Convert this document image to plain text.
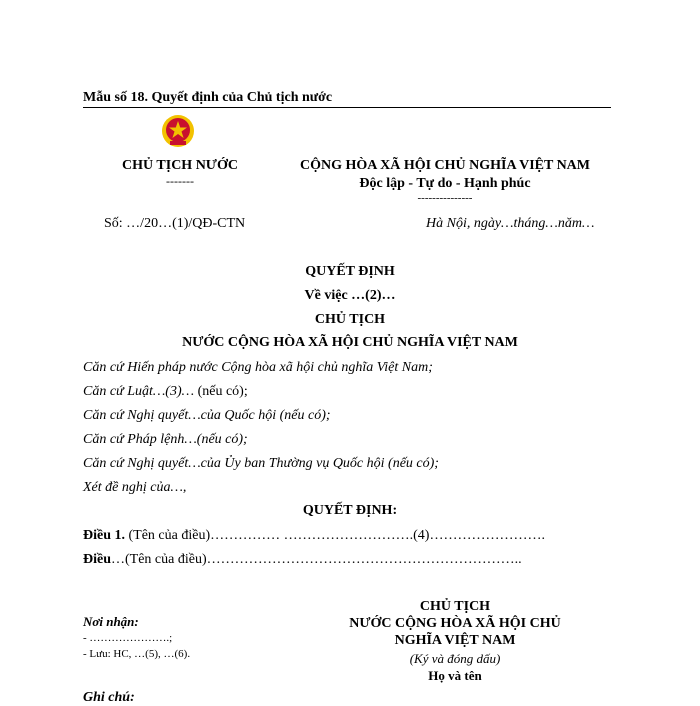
Mẫu số 18. Quyết định của Chủ tịch nước
CHỦ TỊCH NƯỚC
-------
CỘNG HÒA XÃ HỘI CHỦ NGHĨA VIỆT NAM
Độc lập - Tự do - Hạnh phúc
---------------
Số: …/20…(1)/QĐ-CTN	Hà Nội, ngày…tháng…năm…
QUYẾT ĐỊNH
Về việc …(2)…
CHỦ TỊCH
NƯỚC CỘNG HÒA XÃ HỘI CHỦ NGHĨA VIỆT NAM
Căn cứ Hiến pháp nước Cộng hòa xã hội chủ nghĩa Việt Nam;
Căn cứ Luật…(3)… (nếu có);
Căn cứ Nghị quyết…của Quốc hội (nếu có);
Căn cứ Pháp lệnh…(nếu có);
Căn cứ Nghị quyết…của Ủy ban Thường vụ Quốc hội (nếu có);
Xét đề nghị của…,
QUYẾT ĐỊNH:
Điều 1. (Tên của điều)…………… ……………………….(4)…………………….
Điều…(Tên của điều)…………………………………………………………..
Nơi nhận:
- ………………….;
- Lưu: HC, …(5), …(6).
CHỦ TỊCH
NƯỚC CỘNG HÒA XÃ HỘI CHỦ
NGHĨA VIỆT NAM
(Ký và đóng dấu)
Họ và tên
Ghi chú:
